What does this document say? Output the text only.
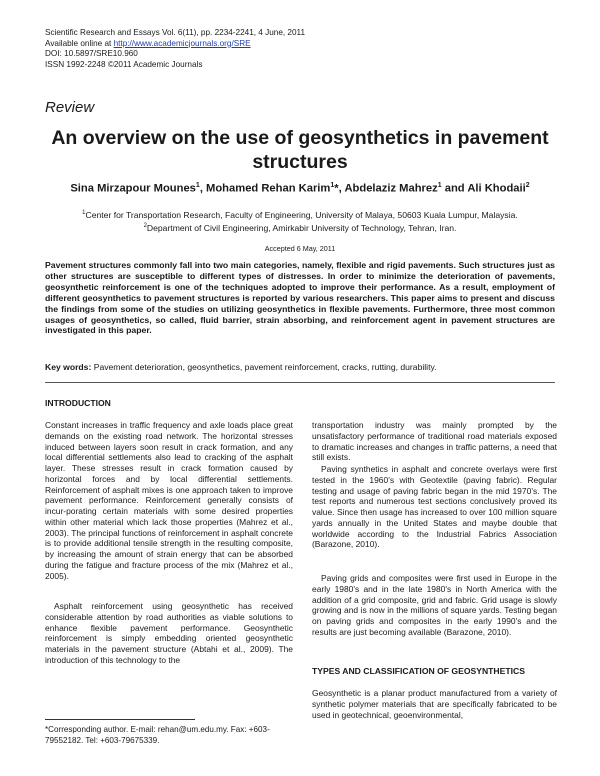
Scientific Research and Essays Vol. 6(11), pp. 2234-2241, 4 June, 2011
Available online at http://www.academicjournals.org/SRE
DOI: 10.5897/SRE10.960
ISSN 1992-2248 ©2011 Academic Journals
Review
An overview on the use of geosynthetics in pavement
structures
Sina Mirzapour Mounes$^1$, Mohamed Rehan Karim$^1$*, Abdelaziz Mahrez$^1$ and Ali Khodaii$^2$
$^1$Center for Transportation Research, Faculty of Engineering, University of Malaya, 50603 Kuala Lumpur, Malaysia.
$^2$Department of Civil Engineering, Amirkabir University of Technology, Tehran, Iran.
Accepted 6 May, 2011
Pavement structures commonly fall into two main categories, namely, flexible and rigid pavements. Such structures just as other structures are susceptible to different types of distresses. In order to minimize the deterioration of pavements, geosynthetic reinforcement is one of the techniques adopted to improve their performance. As a result, employment of different geosynthetics to pavement structures is reported by various researchers. This paper aims to present and discuss the findings from some of the studies on utilizing geosynthetics in flexible pavements. Furthermore, three most common usages of geosynthetics, so called, fluid barrier, strain absorbing, and reinforcement agent in pavement structures are investigated in this paper.
Key words: Pavement deterioration, geosynthetics, pavement reinforcement, cracks, rutting, durability.
INTRODUCTION

Constant increases in traffic frequency and axle loads place great demands on the existing road network. The horizontal stresses induced between layers soon result in crack formation, and any local differential settlements also lead to cracking of the asphalt layer. These stresses result in crack formation caused by horizontal forces and by local differential settlements. Reinforcement of asphalt mixes is one approach taken to improve pavement performance. Reinforcement generally consists of incur-porating certain materials with some desired properties within other material which lack those properties (Mahrez et al., 2003). The principal functions of reinforcement in asphalt concrete is to provide additional tensile strength in the resulting composite, by increasing the amount of strain energy that can be absorbed during the fatigue and fracture process of the mix (Mahrez et al., 2005).

Asphalt reinforcement using geosynthetic has received considerable attention by road authorities as viable solutions to enhance flexible pavement performance. Geosynthetic reinforcement is simply embedding oriented geosynthetic materials in the pavement structure (Abtahi et al., 2009). The introduction of this technology to the

transportation industry was mainly prompted by the unsatisfactory performance of traditional road materials exposed to dramatic increases and changes in traffic patterns, a need that still exists.

Paving synthetics in asphalt and concrete overlays were first tested in the 1960’s with Geotextile (paving fabric). Regular testing and usage of paving fabric began in the mid 1970’s. The test reports and numerous test sections conclusively proved its value. Since then usage has increased to over 100 million square yards annually in the United States and maybe double that worldwide according to the Industrial Fabrics Association (Barazone, 2010).

Paving grids and composites were first used in Europe in the early 1980's and in the late 1980's in North America with the addition of a grid composite, grid and fabric. Grid usage is slowly growing and is now in the millions of square yards. Testing began on paving grids and composites in the early 1990's and the results are just becoming available (Barazone, 2010).

TYPES AND CLASSIFICATION OF GEOSYNTHETICS

Geosynthetic is a planar product manufactured from a variety of synthetic polymer materials that are specifically fabricated to be used in geotechnical, geoenvironmental,

*Corresponding author. E-mail: rehan@um.edu.my. Fax: +603-79552182. Tel: +603-79675339.
